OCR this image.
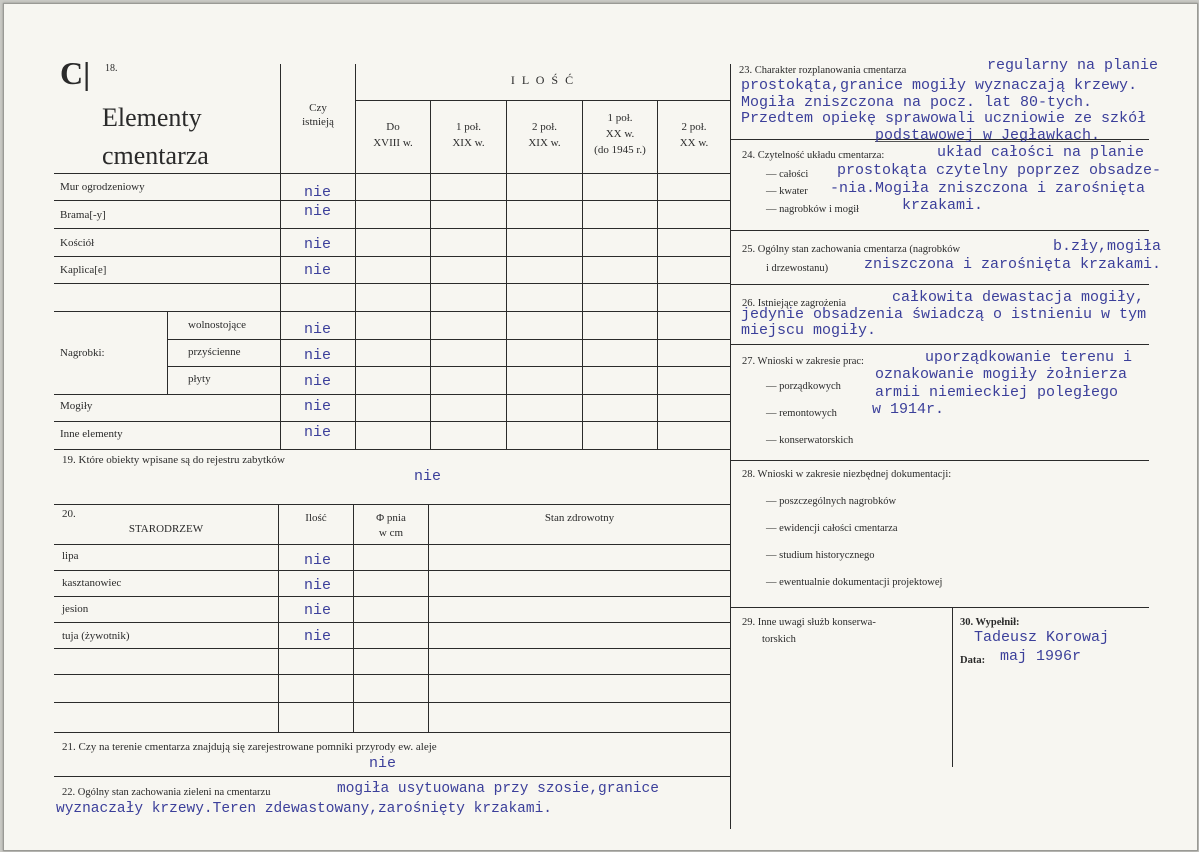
C| 18.
Elementy
cmentarza
Czy
istnieją
I L O Ś Ć
Do
XVIII w.
1 poł.
XIX w.
2 poł.
XIX w.
1 poł.
XX w.
(do 1945 r.)
2 poł.
XX w.
Mur ogrodzeniowy	nie
Brama[-y]	nie
Kościół	nie
Kaplica[e]	nie
Nagrobki:
wolnostojące	nie
przyścienne	nie
płyty	nie
Mogiły	nie
Inne elementy	nie
19. Które obiekty wpisane są do rejestru zabytków
nie
20.
STARODRZEW
Ilość	Φ pnia
w cm
Stan zdrowotny
lipa	nie
kasztanowiec	nie
jesion	nie
tuja (żywotnik)	nie
21. Czy na terenie cmentarza znajdują się zarejestrowane pomniki przyrody ew. aleje
nie
22. Ogólny stan zachowania zieleni na cmentarzu	mogiła usytuowana przy szosie,granice
wyznaczały krzewy.Teren zdewastowany,zarośnięty krzakami.
23. Charakter rozplanowania cmentarza	regularny na planie
prostokąta,granice mogiły wyznaczają krzewy.
Mogiła zniszczona na pocz. lat 80-tych.
Przedtem opiekę sprawowali uczniowie ze szkół
podstawowej w Jegławkach.
24. Czytelność układu cmentarza:	układ całości na planie
— całości prostokąta czytelny poprzez obsadze-
— kwater -nia.Mogiła zniszczona i zarośnięta
— nagrobków i mogił	krzakami.
25. Ogólny stan zachowania cmentarza (nagrobków	b.zły,mogiła
i drzewostanu) zniszczona i zarośnięta krzakami.
26. Istniejące zagrożenia	całkowita dewastacja mogiły,
jedynie obsadzenia świadczą o istnieniu w tym
miejscu mogiły.
27. Wnioski w zakresie prac:	uporządkowanie terenu i
oznakowanie mogiły żołnierza
— porządkowych armii niemieckiej poległego
— remontowych w 1914r.
— konserwatorskich
28. Wnioski w zakresie niezbędnej dokumentacji:
— poszczególnych nagrobków
— ewidencji całości cmentarza
— studium historycznego
— ewentualnie dokumentacji projektowej
29. Inne uwagi służb konserwa-
torskich
30. Wypełnił:
Tadeusz Korowaj
Data: maj 1996r
